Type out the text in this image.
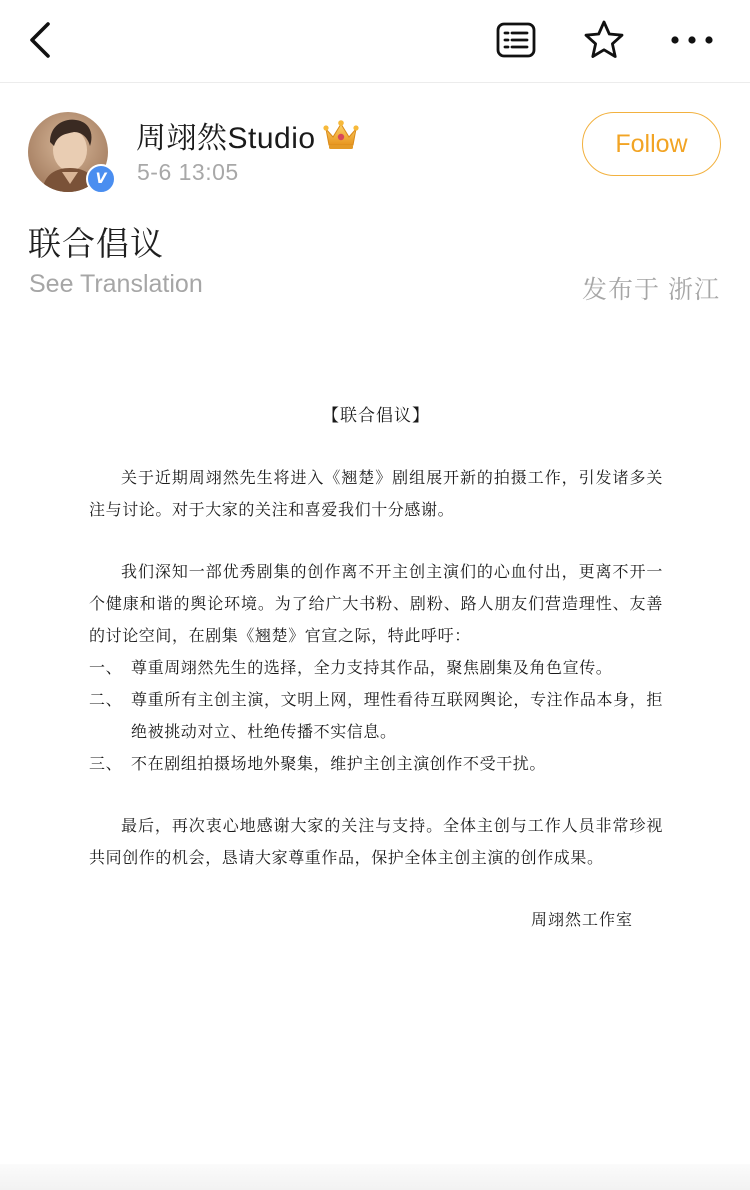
V
周翊然Studio
5-6 13:05
Follow
联合倡议
See Translation	发布于 浙江
【联合倡议】

关于近期周翊然先生将进入《翘楚》剧组展开新的拍摄工作，引发诸多关注与讨论。对于大家的关注和喜爱我们十分感谢。

我们深知一部优秀剧集的创作离不开主创主演们的心血付出，更离不开一个健康和谐的舆论环境。为了给广大书粉、剧粉、路人朋友们营造理性、友善的讨论空间，在剧集《翘楚》官宣之际，特此呼吁：

一、 尊重周翊然先生的选择，全力支持其作品，聚焦剧集及角色宣传。
二、 尊重所有主创主演，文明上网，理性看待互联网舆论，专注作品本身，拒绝被挑动对立、杜绝传播不实信息。
三、 不在剧组拍摄场地外聚集，维护主创主演创作不受干扰。

最后，再次衷心地感谢大家的关注与支持。全体主创与工作人员非常珍视共同创作的机会，恳请大家尊重作品，保护全体主创主演的创作成果。

周翊然工作室
